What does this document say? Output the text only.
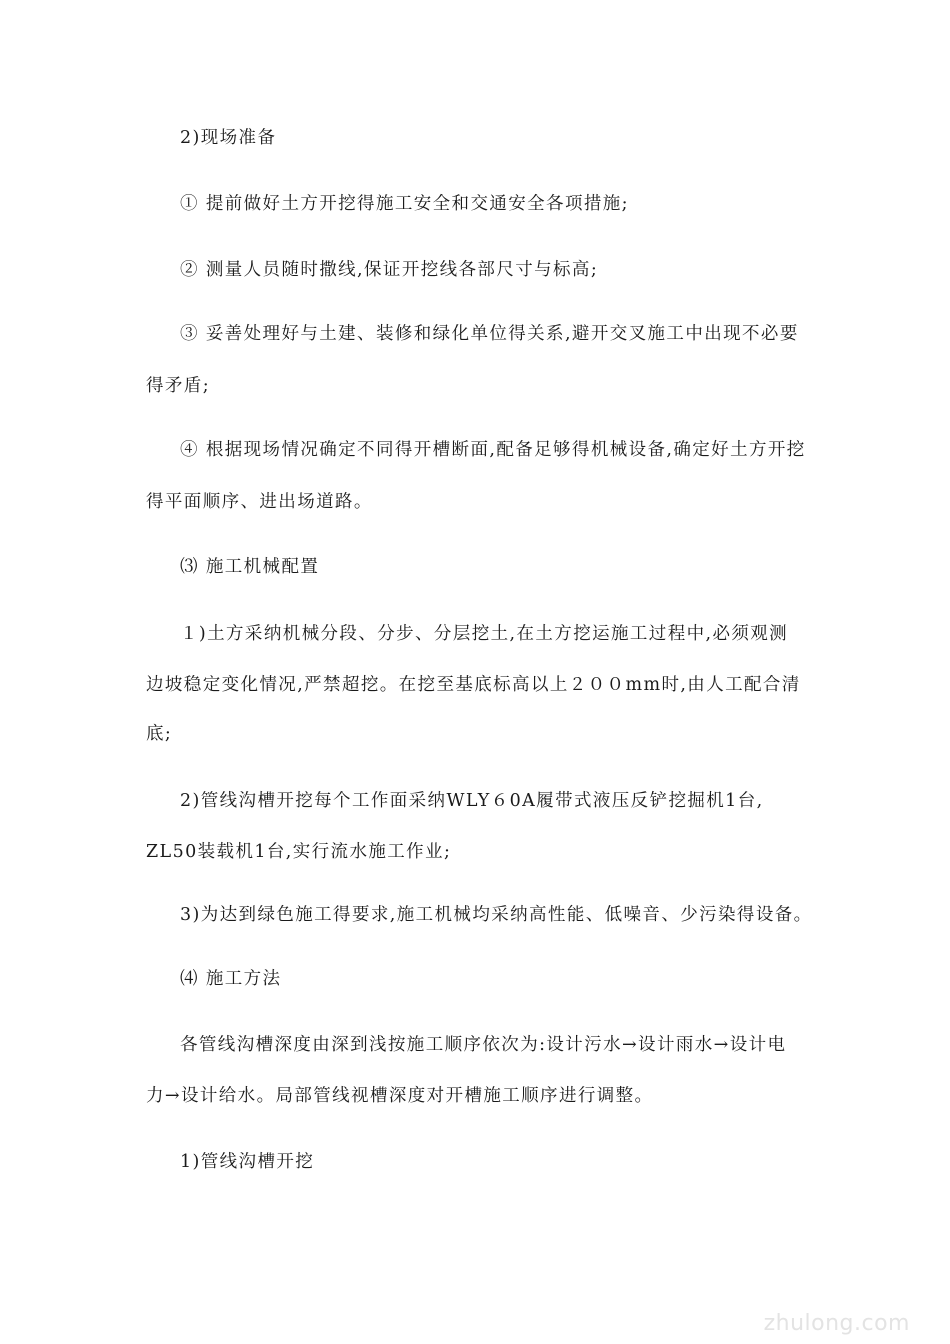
2)现场准备
① 提前做好土方开挖得施工安全和交通安全各项措施;
② 测量人员随时撒线,保证开挖线各部尺寸与标高;
③ 妥善处理好与土建、装修和绿化单位得关系,避开交叉施工中出现不必要
得矛盾;
④ 根据现场情况确定不同得开槽断面,配备足够得机械设备,确定好土方开挖
得平面顺序、进出场道路。
⑶ 施工机械配置
１)土方采纳机械分段、分步、分层挖土,在土方挖运施工过程中,必须观测
边坡稳定变化情况,严禁超挖。在挖至基底标高以上２００mm时,由人工配合清
底;
2)管线沟槽开挖每个工作面采纳WLY６0A履带式液压反铲挖掘机1台,
ZL50装载机1台,实行流水施工作业;
3)为达到绿色施工得要求,施工机械均采纳高性能、低噪音、少污染得设备。
⑷ 施工方法
各管线沟槽深度由深到浅按施工顺序依次为:设计污水→设计雨水→设计电
力→设计给水。局部管线视槽深度对开槽施工顺序进行调整。
1)管线沟槽开挖
zhulong.com
